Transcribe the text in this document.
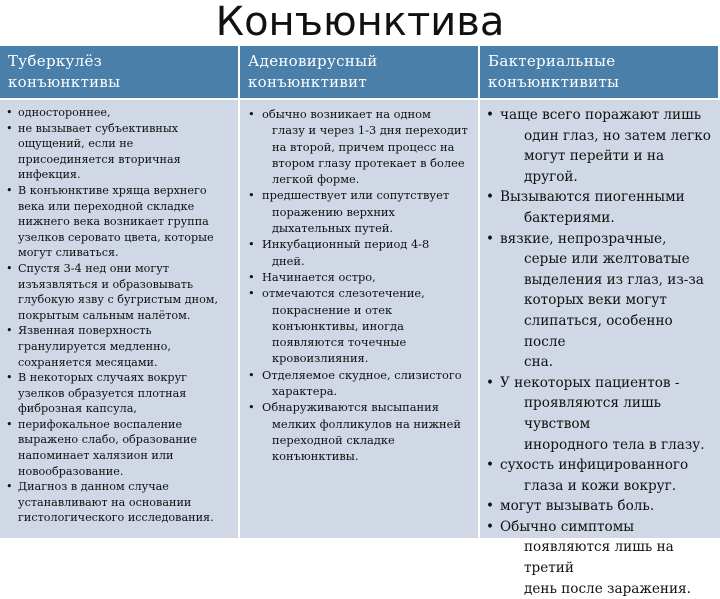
Конъюнктива
Туберкулёз
конъюнктивы
Аденовирусный
конъюнктивит
Бактериальные
конъюнктивиты
• одностороннее,
• не вызывает субъективных
ощущений, если не
присоединяется вторичная
инфекция.
• В конъюнктиве хряща верхнего
века или переходной складке
нижнего века возникает группа
узелков серовато цвета, которые
могут сливаться.
• Спустя 3-4 нед они могут
изъязвляться и образовывать
глубокую язву с бугристым дном,
покрытым сальным налётом.
• Язвенная поверхность
гранулируется медленно,
сохраняется месяцами.
• В некоторых случаях вокруг
узелков образуется плотная
фиброзная капсула,
• перифокальное воспаление
выражено слабо, образование
напоминает халязион или
новообразование.
• Диагноз в данном случае
устанавливают на основании
гистологического исследования.
• обычно возникает на одном
глазу и через 1-3 дня переходит
на второй, причем процесс на
втором глазу протекает в более
легкой форме.
• предшествует или сопутствует
поражению верхних
дыхательных путей.
• Инкубационный период 4-8
дней.
• Начинается остро,
• отмечаются слезотечение,
покраснение и отек
конъюнктивы, иногда
появляются точечные
кровоизлияния.
• Отделяемое скудное, слизистого
характера.
• Обнаруживаются высыпания
мелких фолликулов на нижней
переходной складке
конъюнктивы.
• чаще всего поражают лишь
один глаз, но затем легко
могут перейти и на другой.
• Вызываются пиогенными
бактериями.
• вязкие, непрозрачные,
серые или желтоватые
выделения из глаз, из-за
которых веки могут
слипаться, особенно после
сна.
• У некоторых пациентов -
проявляются лишь чувством
инородного тела в глазу.
• сухость инфицированного
глаза и кожи вокруг.
• могут вызывать боль.
• Обычно симптомы
появляются лишь на третий
день после заражения.
